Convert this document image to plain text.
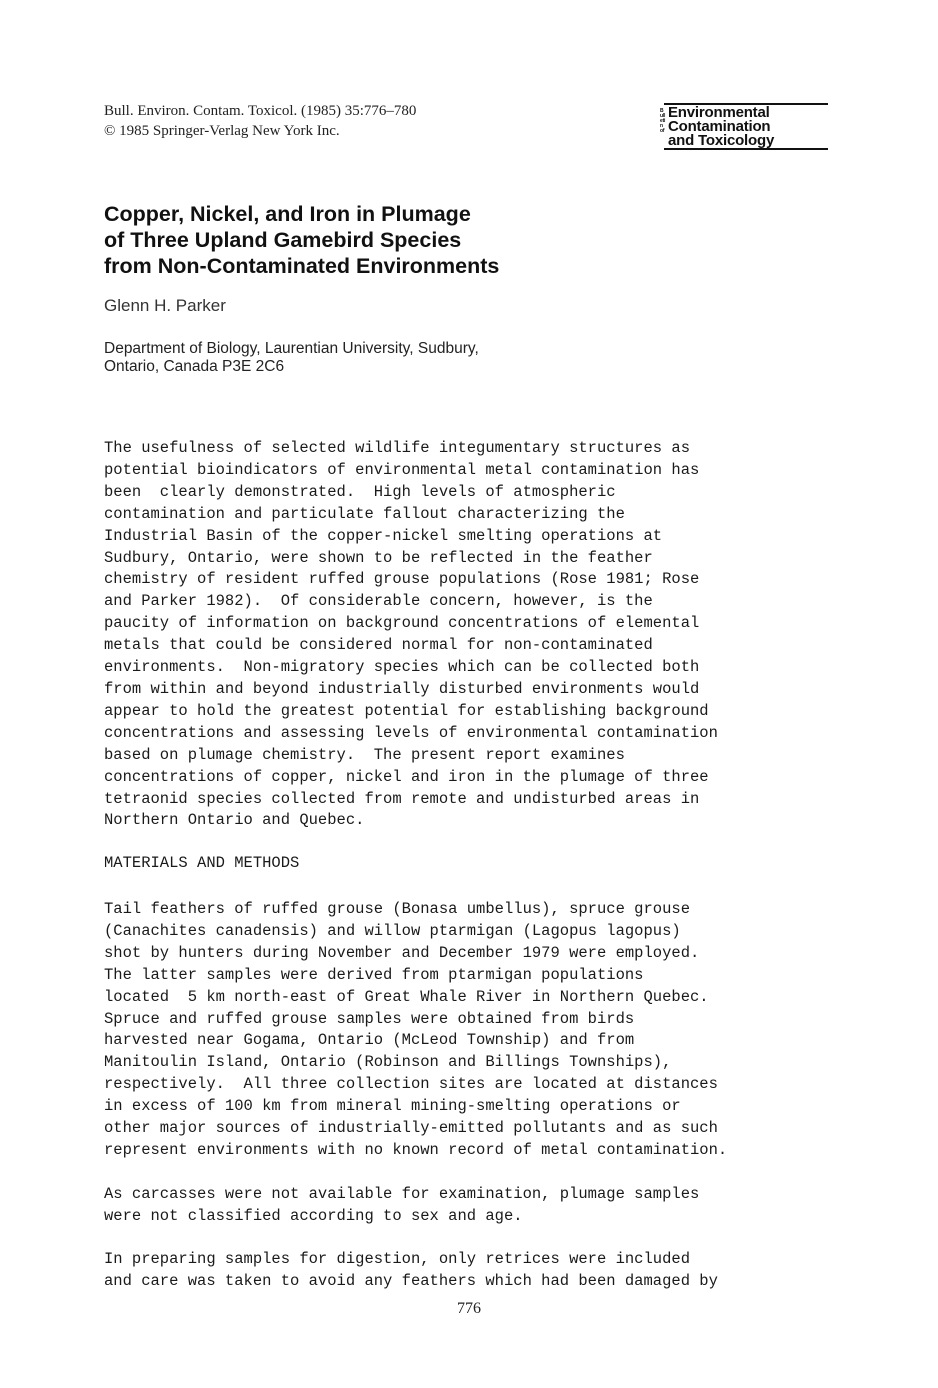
Bull. Environ. Contam. Toxicol. (1985) 35:776–780
© 1985 Springer-Verlag New York Inc.
Bulletin of
Environmental
Contamination
and Toxicology
Copper, Nickel, and Iron in Plumage
of Three Upland Gamebird Species
from Non-Contaminated Environments
Glenn H. Parker
Department of Biology, Laurentian University, Sudbury,
Ontario, Canada P3E 2C6
The usefulness of selected wildlife integumentary structures as
potential bioindicators of environmental metal contamination has
been  clearly demonstrated.  High levels of atmospheric
contamination and particulate fallout characterizing the
Industrial Basin of the copper-nickel smelting operations at
Sudbury, Ontario, were shown to be reflected in the feather
chemistry of resident ruffed grouse populations (Rose 1981; Rose
and Parker 1982).  Of considerable concern, however, is the
paucity of information on background concentrations of elemental
metals that could be considered normal for non-contaminated
environments.  Non-migratory species which can be collected both
from within and beyond industrially disturbed environments would
appear to hold the greatest potential for establishing background
concentrations and assessing levels of environmental contamination
based on plumage chemistry.  The present report examines
concentrations of copper, nickel and iron in the plumage of three
tetraonid species collected from remote and undisturbed areas in
Northern Ontario and Quebec.
MATERIALS AND METHODS
Tail feathers of ruffed grouse (Bonasa umbellus), spruce grouse
(Canachites canadensis) and willow ptarmigan (Lagopus lagopus)
shot by hunters during November and December 1979 were employed.
The latter samples were derived from ptarmigan populations
located  5 km north-east of Great Whale River in Northern Quebec.
Spruce and ruffed grouse samples were obtained from birds
harvested near Gogama, Ontario (McLeod Township) and from
Manitoulin Island, Ontario (Robinson and Billings Townships),
respectively.  All three collection sites are located at distances
in excess of 100 km from mineral mining-smelting operations or
other major sources of industrially-emitted pollutants and as such
represent environments with no known record of metal contamination.
As carcasses were not available for examination, plumage samples
were not classified according to sex and age.
In preparing samples for digestion, only retrices were included
and care was taken to avoid any feathers which had been damaged by
776
